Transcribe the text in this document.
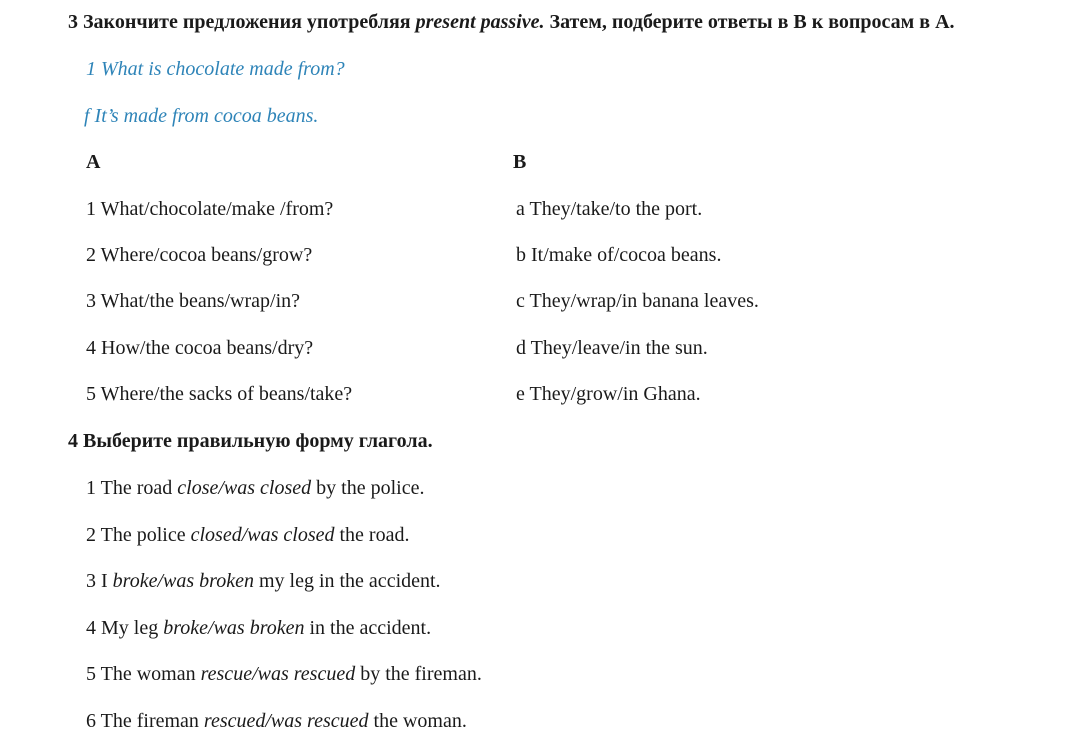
3 Закончите предложения употребляя present passive. Затем, подберите ответы в В к вопросам в А.
1 What is chocolate made from?
f It’s made from cocoa beans.
A	B
1 What/chocolate/make /from?
2 Where/cocoa beans/grow?
3 What/the beans/wrap/in?
4 How/the cocoa beans/dry?
5 Where/the sacks of beans/take?
a They/take/to the port.
b It/make of/cocoa beans.
c They/wrap/in banana leaves.
d They/leave/in the sun.
e They/grow/in Ghana.
4 Выберите правильную форму глагола.
1 The road close/was closed by the police.
2 The police closed/was closed the road.
3 I broke/was broken my leg in the accident.
4 My leg broke/was broken in the accident.
5 The woman rescue/was rescued by the fireman.
6 The fireman rescued/was rescued the woman.
